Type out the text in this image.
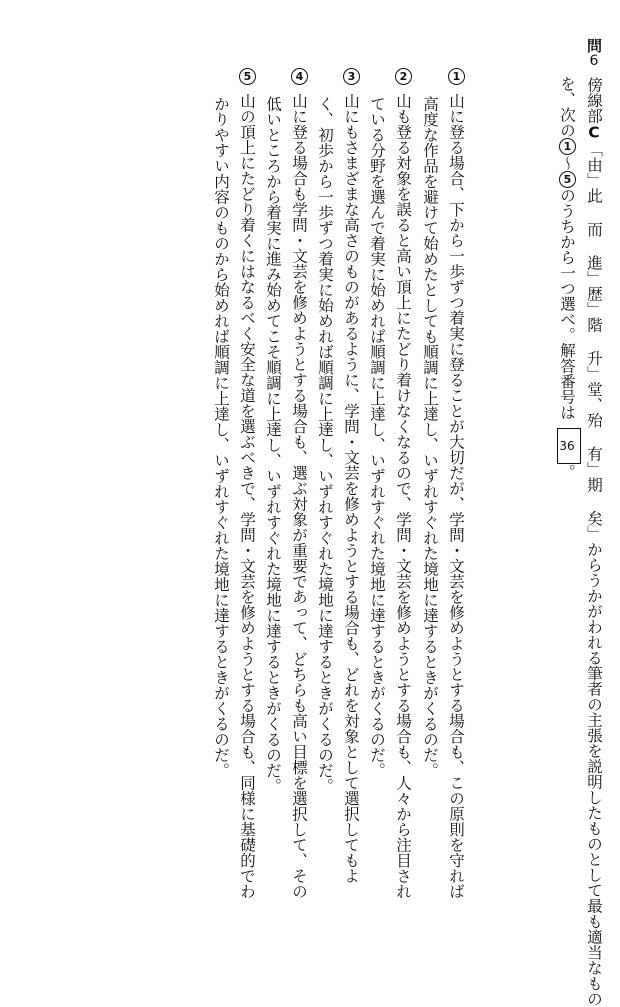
問6傍線部C「由」此 而 進」歴」階 升」堂、殆 有」期 矣」からうかがわれる筆者の主張を説明したものとして最も適当なもの
を、次の1〜5のうちから一つ選べ。解答番号は36。
1山に登る場合、下から一歩ずつ着実に登ることが大切だが、学問・文芸を修めようとする場合も、この原則を守れば
高度な作品を避けて始めたとしても順調に上達し、いずれすぐれた境地に達するときがくるのだ。
2山も登る対象を誤ると高い頂上にたどり着けなくなるので、学問・文芸を修めようとする場合も、人々から注目され
ている分野を選んで着実に始めれば順調に上達し、いずれすぐれた境地に達するときがくるのだ。
3山にもさまざまな高さのものがあるように、学問・文芸を修めようとする場合も、どれを対象として選択してもよ
く、初歩から一歩ずつ着実に始めれば順調に上達し、いずれすぐれた境地に達するときがくるのだ。
4山に登る場合も学問・文芸を修めようとする場合も、選ぶ対象が重要であって、どちらも高い目標を選択して、その
低いところから着実に進み始めてこそ順調に上達し、いずれすぐれた境地に達するときがくるのだ。
5山の頂上にたどり着くにはなるべく安全な道を選ぶべきで、学問・文芸を修めようとする場合も、同様に基礎的でわ
かりやすい内容のものから始めれば順調に上達し、いずれすぐれた境地に達するときがくるのだ。
